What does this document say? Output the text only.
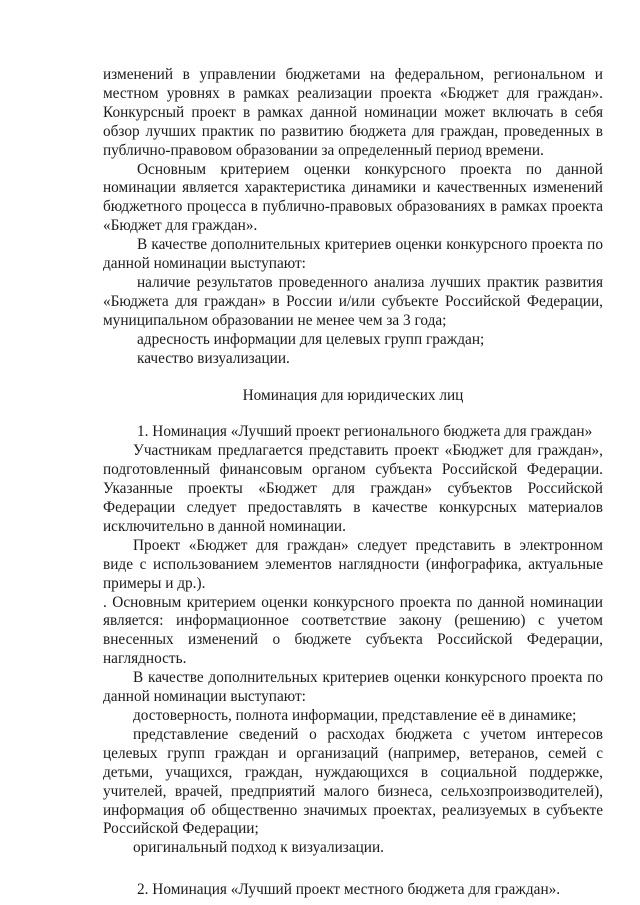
изменений в управлении бюджетами на федеральном, региональном и местном уровнях в рамках реализации проекта «Бюджет для граждан». Конкурсный проект в рамках данной номинации может включать в себя обзор лучших практик по развитию бюджета для граждан, проведенных в публично-правовом образовании за определенный период времени.

Основным критерием оценки конкурсного проекта по данной номинации является характеристика динамики и качественных изменений бюджетного процесса в публично-правовых образованиях в рамках проекта «Бюджет для граждан».

В качестве дополнительных критериев оценки конкурсного проекта по данной номинации выступают:

наличие результатов проведенного анализа лучших практик развития «Бюджета для граждан» в России и/или субъекте Российской Федерации, муниципальном образовании не менее чем за 3 года;

адресность информации для целевых групп граждан;

качество визуализации.

Номинация для юридических лиц

1. Номинация «Лучший проект регионального бюджета для граждан»

Участникам предлагается представить проект «Бюджет для граждан», подготовленный финансовым органом субъекта Российской Федерации. Указанные проекты «Бюджет для граждан» субъектов Российской Федерации следует предоставлять в качестве конкурсных материалов исключительно в данной номинации.

Проект «Бюджет для граждан» следует представить в электронном виде с использованием элементов наглядности (инфографика, актуальные примеры и др.).

. Основным критерием оценки конкурсного проекта по данной номинации является: информационное соответствие закону (решению) с учетом внесенных изменений о бюджете субъекта Российской Федерации, наглядность.

В качестве дополнительных критериев оценки конкурсного проекта по данной номинации выступают:

достоверность, полнота информации, представление её в динамике;

представление сведений о расходах бюджета с учетом интересов целевых групп граждан и организаций (например, ветеранов, семей с детьми, учащихся, граждан, нуждающихся в социальной поддержке, учителей, врачей, предприятий малого бизнеса, сельхозпроизводителей), информация об общественно значимых проектах, реализуемых в субъекте Российской Федерации;

оригинальный подход к визуализации.

2. Номинация «Лучший проект местного бюджета для граждан».
